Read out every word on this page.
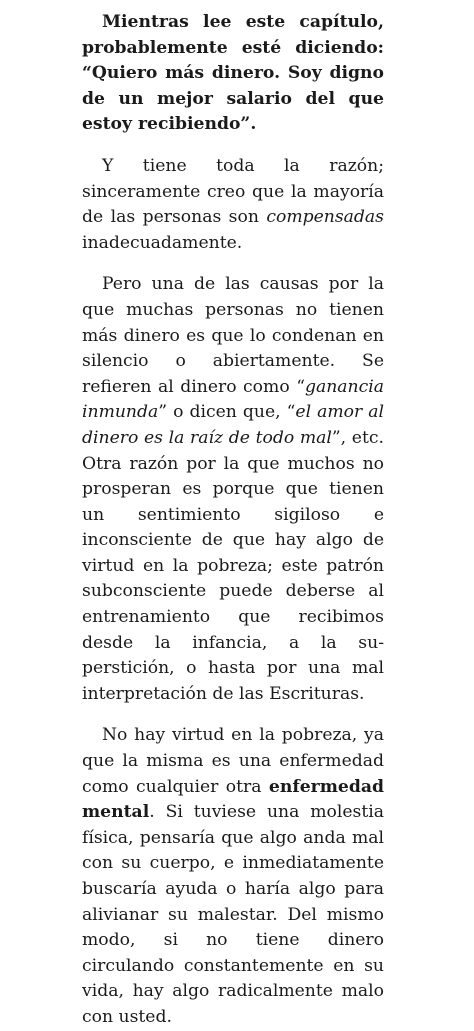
Mientras lee este capítulo, probablemente esté diciendo: “Quiero más dinero. Soy digno de un mejor salario del que estoy recibiendo”.

Y tiene toda la razón; sinceramente creo que la mayoría de las personas son compensadas inadecuadamente.

Pero una de las causas por la que muchas personas no tienen más dinero es que lo condenan en silencio o abiertamente. Se refieren al dinero como “ganancia inmunda” o dicen que, “el amor al dinero es la raíz de todo mal”, etc. Otra razón por la que muchos no prosperan es porque que tienen un sentimiento sigiloso e inconsciente de que hay algo de virtud en la pobreza; este patrón subconsciente puede deberse al entrenamiento que recibimos desde la infancia, a la superstición, o hasta por una mal interpretación de las Escrituras.

No hay virtud en la pobreza, ya que la misma es una enfermedad como cualquier otra enfermedad mental. Si tuviese una molestia física, pensaría que algo anda mal con su cuerpo, e inmediatamente buscaría ayuda o haría algo para alivianar su malestar. Del mismo modo, si no tiene dinero circulando constantemente en su vida, hay algo radicalmente malo con usted.
